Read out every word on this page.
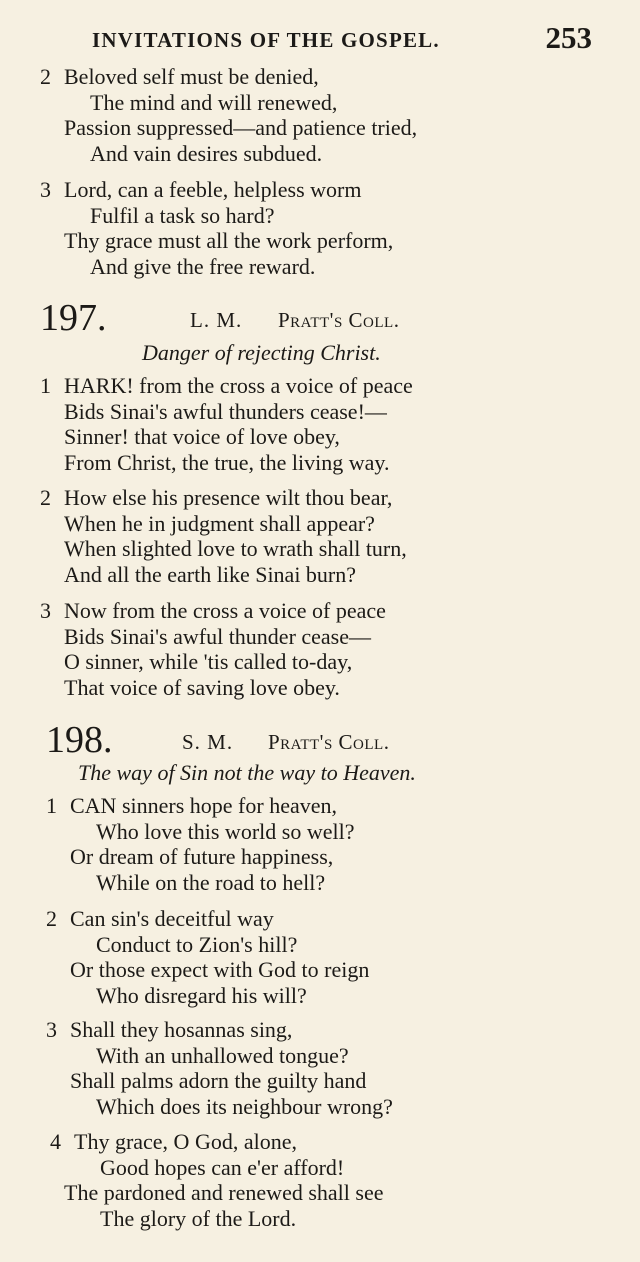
INVITATIONS OF THE GOSPEL.	253
2 Beloved self must be denied,
The mind and will renewed,
Passion suppressed—and patience tried,
And vain desires subdued.
3 Lord, can a feeble, helpless worm
Fulfil a task so hard?
Thy grace must all the work perform,
And give the free reward.
197.	L. M. Pratt's Coll.
Danger of rejecting Christ.
1 HARK! from the cross a voice of peace
Bids Sinai's awful thunders cease!—
Sinner! that voice of love obey,
From Christ, the true, the living way.
2 How else his presence wilt thou bear,
When he in judgment shall appear?
When slighted love to wrath shall turn,
And all the earth like Sinai burn?
3 Now from the cross a voice of peace
Bids Sinai's awful thunder cease—
O sinner, while 'tis called to-day,
That voice of saving love obey.
198.	S. M. Pratt's Coll.
The way of Sin not the way to Heaven.
1 CAN sinners hope for heaven,
Who love this world so well?
Or dream of future happiness,
While on the road to hell?
2 Can sin's deceitful way
Conduct to Zion's hill?
Or those expect with God to reign
Who disregard his will?
3 Shall they hosannas sing,
With an unhallowed tongue?
Shall palms adorn the guilty hand
Which does its neighbour wrong?
4 Thy grace, O God, alone,
Good hopes can e'er afford!
The pardoned and renewed shall see
The glory of the Lord.
